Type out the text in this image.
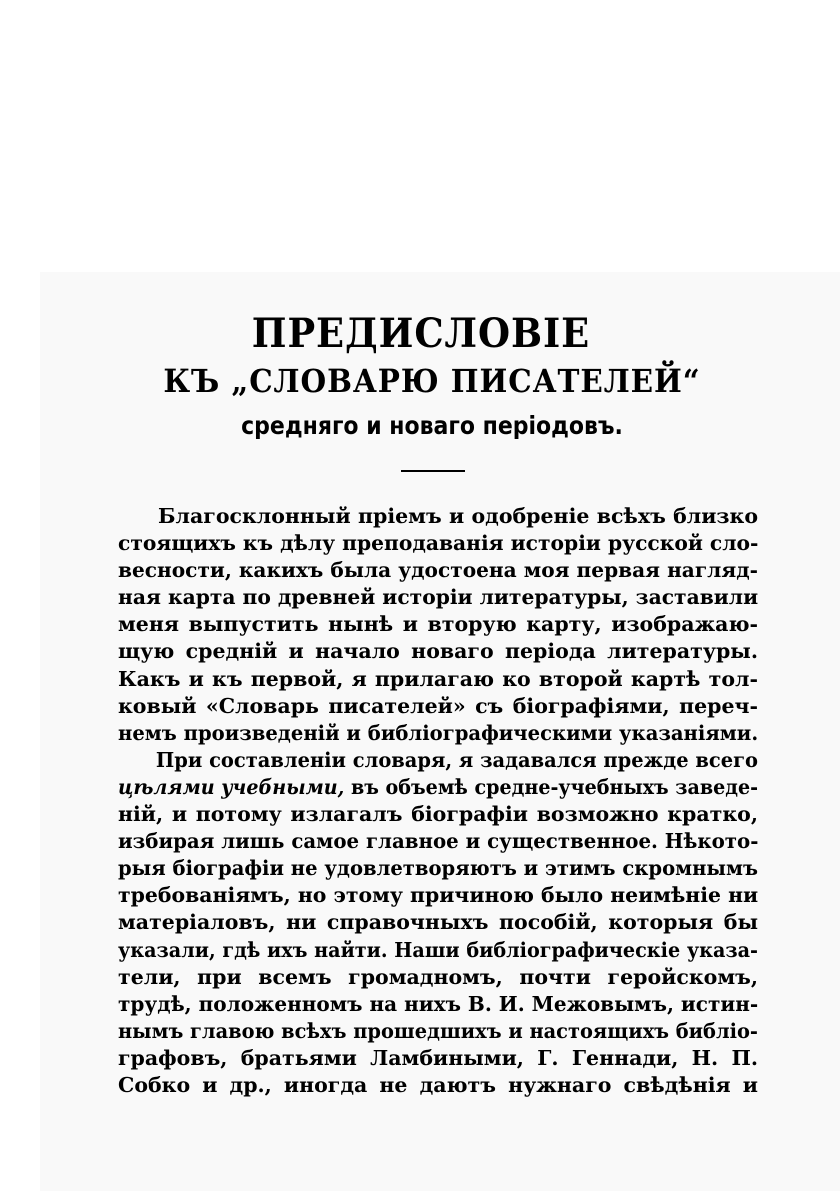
ПРЕДИСЛОВІЕ
КЪ „СЛОВАРЮ ПИСАТЕЛЕЙ“
средняго и новаго періодовъ.
Благосклонный пріемъ и одобреніе всѣхъ близко
стоящихъ къ дѣлу преподаванія исторіи русской сло-
весности, какихъ была удостоена моя первая нагляд-
ная карта по древней исторіи литературы, заставили
меня выпустить нынѣ и вторую карту, изображаю-
щую средній и начало новаго періода литературы.
Какъ и къ первой, я прилагаю ко второй картѣ тол-
ковый «Словарь писателей» съ біографіями, переч-
немъ произведеній и библіографическими указаніями.
При составленіи словаря, я задавался прежде всего
цѣлями учебными, въ объемѣ средне-учебныхъ заведе-
ній, и потому излагалъ біографіи возможно кратко,
избирая лишь самое главное и существенное. Нѣкото-
рыя біографіи не удовлетворяютъ и этимъ скромнымъ
требованіямъ, но этому причиною было неимѣніе ни
матеріаловъ, ни справочныхъ пособій, которыя бы
указали, гдѣ ихъ найти. Наши библіографическіе указа-
тели, при всемъ громадномъ, почти геройскомъ,
трудѣ, положенномъ на нихъ В. И. Межовымъ, истин-
нымъ главою всѣхъ прошедшихъ и настоящихъ библіо-
графовъ, братьями Ламбиными, Г. Геннади, Н. П.
Собко и др., иногда не даютъ нужнаго свѣдѣнія и
